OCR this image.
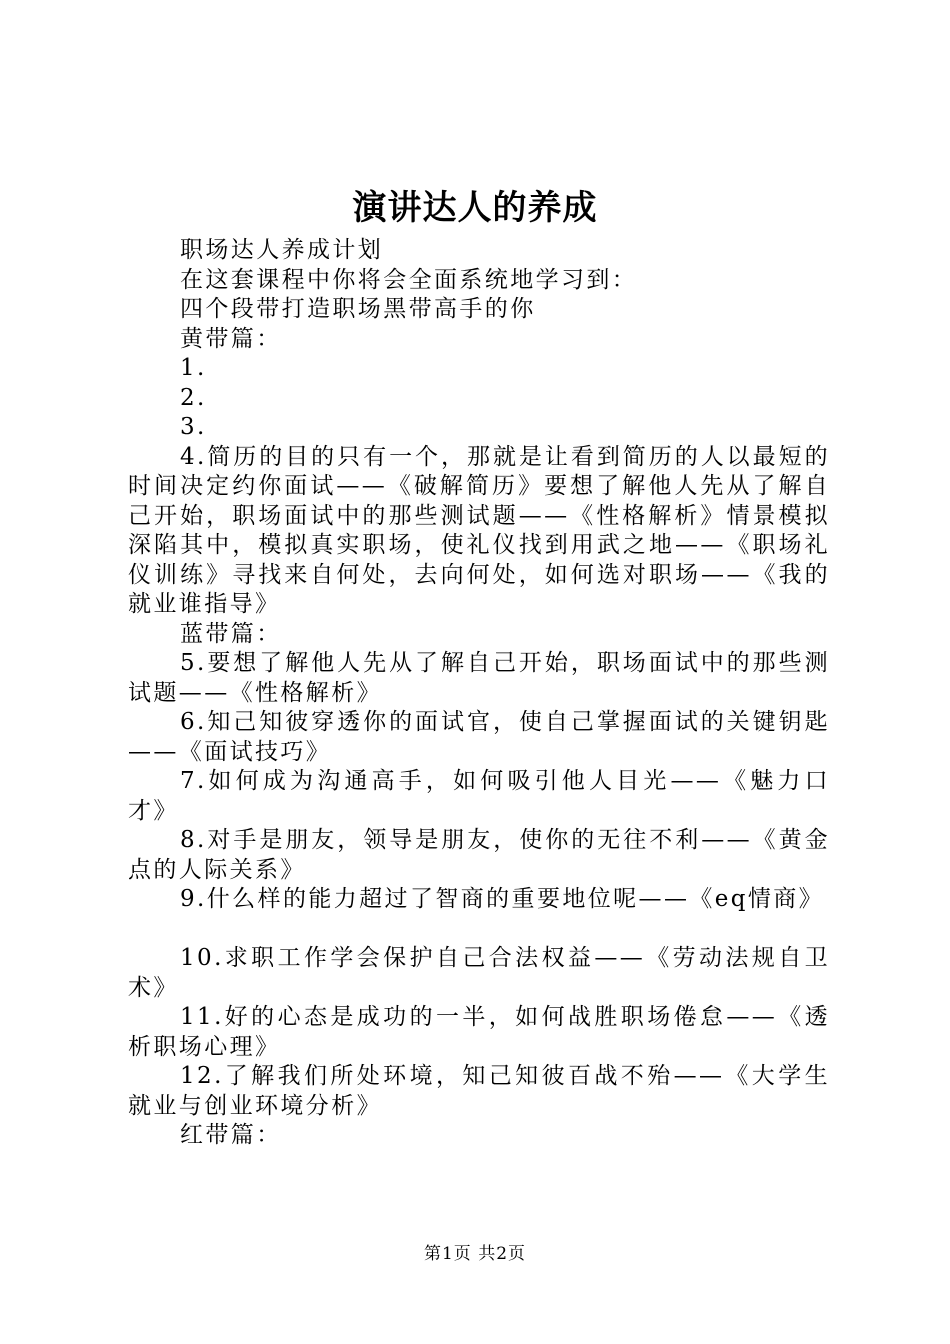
演讲达人的养成
职场达人养成计划
在这套课程中你将会全面系统地学习到：
四个段带打造职场黑带高手的你
黄带篇：
1.
2.
3.
4.简历的目的只有一个，那就是让看到简历的人以最短的时间决定约你面试——《破解简历》要想了解他人先从了解自己开始，职场面试中的那些测试题——《性格解析》情景模拟深陷其中，模拟真实职场，使礼仪找到用武之地——《职场礼仪训练》寻找来自何处，去向何处，如何选对职场——《我的就业谁指导》
蓝带篇：
5.要想了解他人先从了解自己开始，职场面试中的那些测试题——《性格解析》
6.知己知彼穿透你的面试官，使自己掌握面试的关键钥匙——《面试技巧》
7.如何成为沟通高手，如何吸引他人目光——《魅力口才》
8.对手是朋友，领导是朋友，使你的无往不利——《黄金点的人际关系》
9.什么样的能力超过了智商的重要地位呢——《eq情商》
10.求职工作学会保护自己合法权益——《劳动法规自卫术》
11.好的心态是成功的一半，如何战胜职场倦怠——《透析职场心理》
12.了解我们所处环境，知己知彼百战不殆——《大学生就业与创业环境分析》
红带篇：
第1页 共2页
